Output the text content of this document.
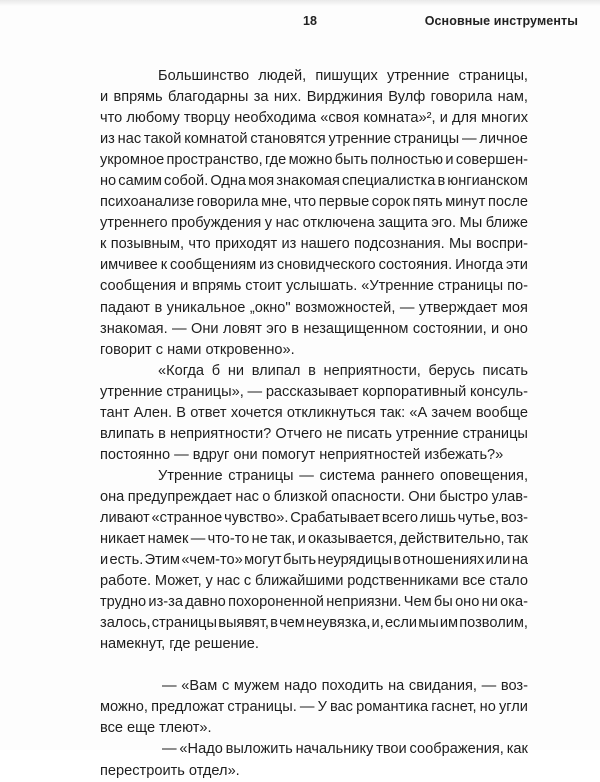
18	Основные инструменты
Большинство людей, пишущих утренние страницы,
и впрямь благодарны за них. Вирджиния Вулф говорила нам,
что любому творцу необходима «своя комната»², и для многих
из нас такой комнатой становятся утренние страницы — личное
укромное пространство, где можно быть полностью и совершен-
но самим собой. Одна моя знакомая специалистка в юнгианском
психоанализе говорила мне, что первые сорок пять минут после
утреннего пробуждения у нас отключена защита эго. Мы ближе
к позывным, что приходят из нашего подсознания. Мы воспри-
имчивее к сообщениям из сновидческого состояния. Иногда эти
сообщения и впрямь стоит услышать. «Утренние страницы по-
падают в уникальное „окно" возможностей, — утверждает моя
знакомая. — Они ловят эго в незащищенном состоянии, и оно
говорит с нами откровенно».
«Когда б ни влипал в неприятности, берусь писать
утренние страницы», — рассказывает корпоративный консуль-
тант Ален. В ответ хочется откликнуться так: «А зачем вообще
влипать в неприятности? Отчего не писать утренние страницы
постоянно — вдруг они помогут неприятностей избежать?»
Утренние страницы — система раннего оповещения,
она предупреждает нас о близкой опасности. Они быстро улав-
ливают «странное чувство». Срабатывает всего лишь чутье, воз-
никает намек — что-то не так, и оказывается, действительно, так
и есть. Этим «чем-то» могут быть неурядицы в отношениях или на
работе. Может, у нас с ближайшими родственниками все стало
трудно из-за давно похороненной неприязни. Чем бы оно ни ока-
залось, страницы выявят, в чем неувязка, и, если мы им позволим,
намекнут, где решение.
— «Вам с мужем надо походить на свидания, — воз-
можно, предложат страницы. — У вас романтика гаснет, но угли
все еще тлеют».
— «Надо выложить начальнику твои соображения, как
перестроить отдел».
